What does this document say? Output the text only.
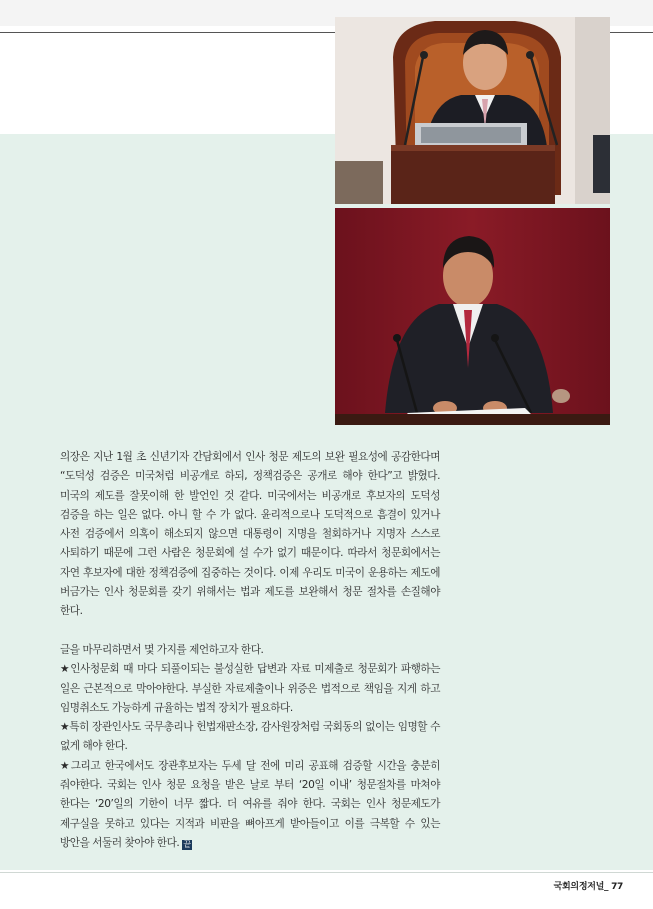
의장은 지난 1월 초 신년기자 간담회에서 인사 청문 제도의 보완 필요성에 공감한다며 “도덕성 검증은 미국처럼 비공개로 하되, 정책검증은 공개로 해야 한다”고 밝혔다. 미국의 제도를 잘못이해 한 발언인 것 같다. 미국에서는 비공개로 후보자의 도덕성 검증을 하는 일은 없다. 아니 할 수 가 없다. 윤리적으로나 도덕적으로 흠결이 있거나 사전 검증에서 의혹이 해소되지 않으면 대통령이 지명을 철회하거나 지명자 스스로 사퇴하기 때문에 그런 사람은 청문회에 설 수가 없기 때문이다. 따라서 청문회에서는 자연 후보자에 대한 정책검증에 집중하는 것이다. 이제 우리도 미국이 운용하는 제도에 버금가는 인사 청문회를 갖기 위해서는 법과 제도를 보완해서 청문 절차를 손질해야 한다.

글을 마무리하면서 몇 가지를 제언하고자 한다.

★인사청문회 때 마다 되풀이되는 불성실한 답변과 자료 미제출로 청문회가 파행하는 일은 근본적으로 막아야한다. 부실한 자료제출이나 위증은 법적으로 책임을 지게 하고 임명취소도 가능하게 규율하는 법적 장치가 필요하다.

★특히 장관인사도 국무총리나 헌법재판소장, 감사원장처럼 국회동의 없이는 임명할 수 없게 해야 한다.

★그리고 한국에서도 장관후보자는 두세 달 전에 미리 공표해 검증할 시간을 충분히 줘야한다. 국회는 인사 청문 요청을 받은 날로 부터 ‘20일 이내’ 청문절차를 마쳐야 한다는 ‘20’일의 기한이 너무 짧다. 더 여유를 줘야 한다. 국회는 인사 청문제도가 제구실을 못하고 있다는 지적과 비판을 뼈아프게 받아들이고 이를 극복할 수 있는 방안을 서둘러 찾아야 한다. 끝

국회의정저널_ 77
